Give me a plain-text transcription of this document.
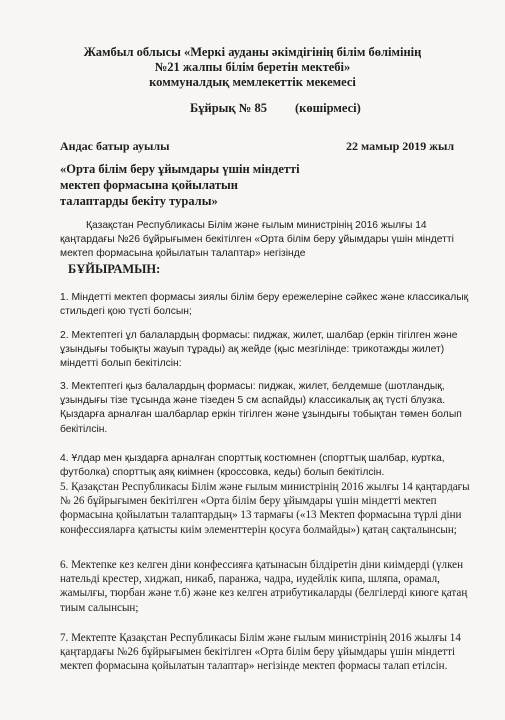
Жамбыл облысы «Меркі ауданы әкімдігінің білім бөлімінің

№21 жалпы білім беретін мектебі»

коммуналдық мемлекеттік мекемесі

Бұйрық № 85 (көшірмесі)

Андас батыр ауылы	22 мамыр 2019 жыл

«Орта білім беру ұйымдары үшін міндетті мектеп формасына қойылатын талаптарды бекіту туралы»

Қазақстан Республикасы Білім және ғылым министрінің 2016 жылғы 14 қаңтардағы №26 бұйрығымен бекітілген «Орта білім беру ұйымдары үшін міндетті мектеп формасына қойылатын талаптар» негізінде

БҰЙЫРАМЫН:

1. Міндетті мектеп формасы зиялы білім беру ережелеріне сәйкес және классикалық стильдегі қою түсті болсын;

2. Мектептегі ұл балалардың формасы: пиджак, жилет, шалбар (еркін тігілген және ұзындығы тобықты жауып тұрады) ақ жейде (қыс мезгілінде: трикотажды жилет) міндетті болып бекітілсін:

3. Мектептегі қыз балалардың формасы: пиджак, жилет, белдемше (шотландық, ұзындығы тізе тұсында және тізеден 5 см аспайды) классикалық ақ түсті блузка. Қыздарға арналған шалбарлар еркін тігілген және ұзындығы тобықтан төмен болып бекітілсін.

4. Ұлдар мен қыздарға арналған спорттық костюмнен (спорттық шалбар, куртка, футболка) спорттық аяқ киімнен (кроссовка, кеды) болып бекітілсін.

5. Қазақстан Республикасы Білім және ғылым министрінің 2016 жылғы 14 қаңтардағы № 26 бұйрығымен бекітілген «Орта білім беру ұйымдары үшін міндетті мектеп формасына қойылатын талаптардың» 13 тармағы («13 Мектеп формасына түрлі діни конфессияларға қатысты киім элементтерін қосуға болмайды») қатаң сақталынсын;

6. Мектепке кез келген діни конфессияға қатынасын білдіретін діни киімдерді (үлкен нательді крестер, хиджап, никаб, паранжа, чадра, иудейлік кипа, шляпа, орамал, жамылғы, тюрбан және т.б) және кез келген атрибутикаларды (белгілерді киюге қатаң тиым салынсын;

7. Мектепте Қазақстан Республикасы Білім және ғылым министрінің 2016 жылғы 14 қаңтардағы №26 бұйрығымен бекітілген «Орта білім беру ұйымдары үшін міндетті мектеп формасына қойылатын талаптар» негізінде мектеп формасы талап етілсін.
